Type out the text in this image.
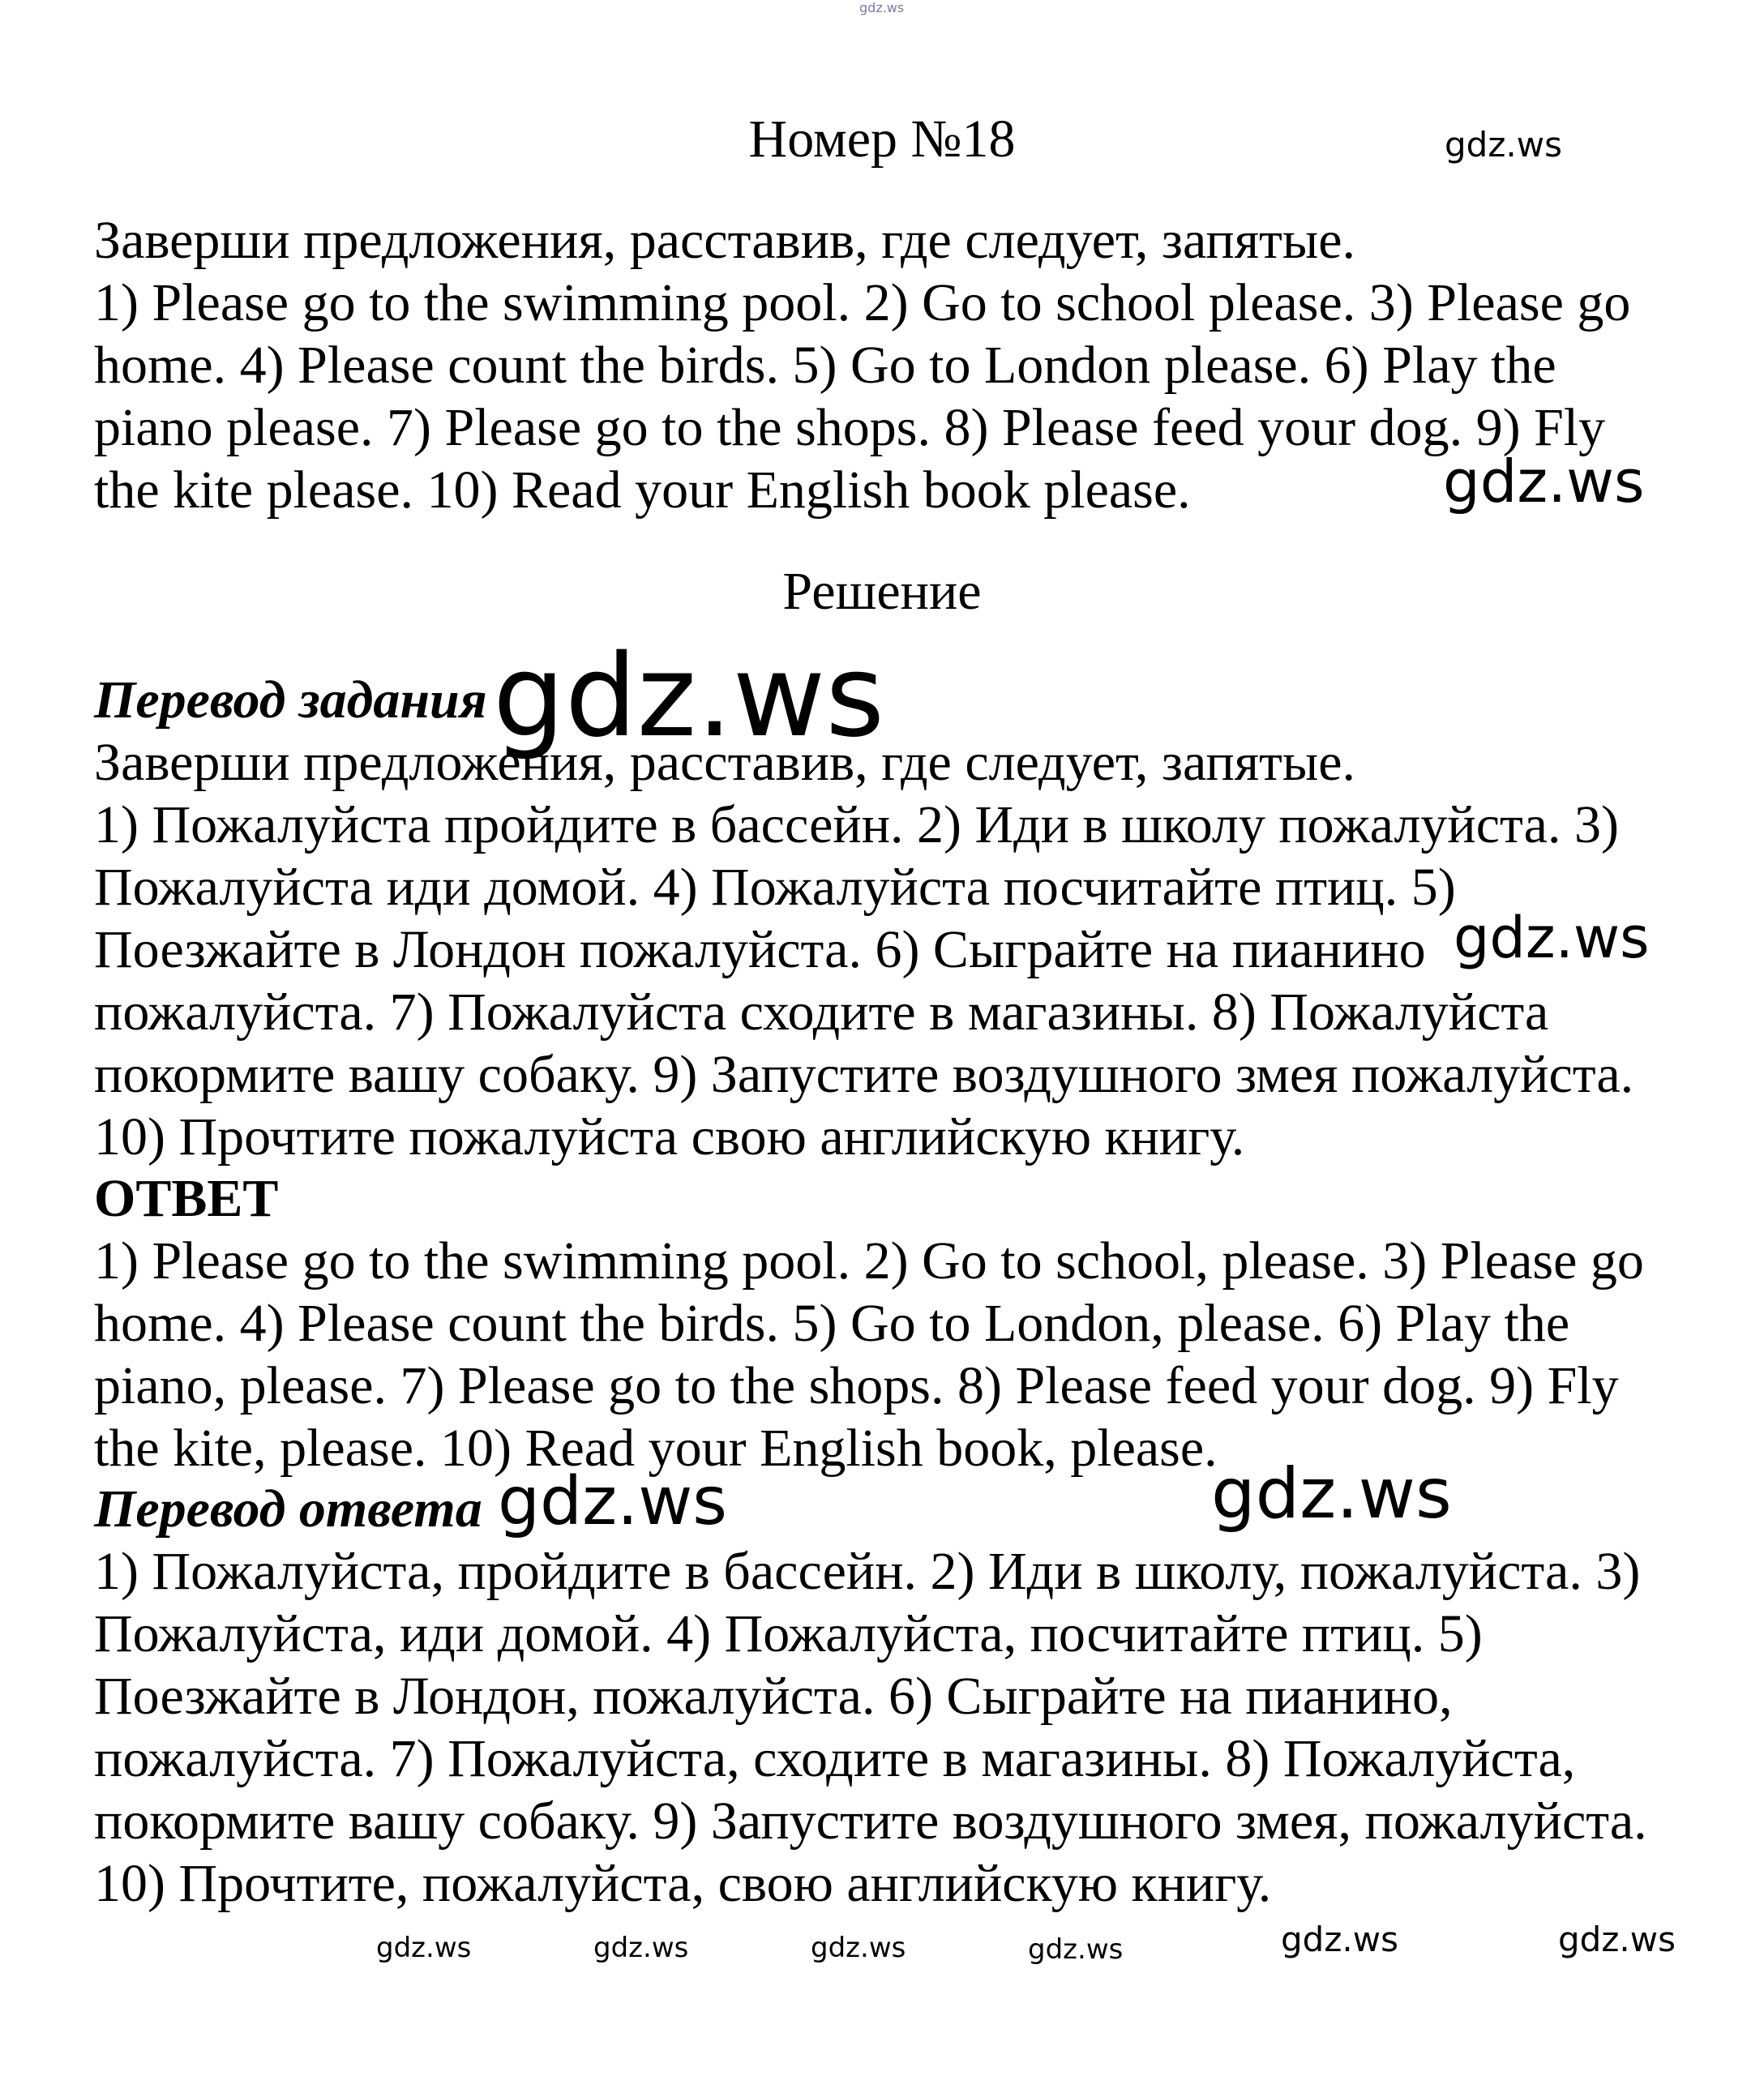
Номер №18

Заверши предложения, расставив, где следует, запятые.

1) Please go to the swimming pool. 2) Go to school please. 3) Please go home. 4) Please count the birds. 5) Go to London please. 6) Play the piano please. 7) Please go to the shops. 8) Please feed your dog. 9) Fly the kite please. 10) Read your English book please.

Решение

Перевод задания

Заверши предложения, расставив, где следует, запятые.

1) Пожалуйста пройдите в бассейн. 2) Иди в школу пожалуйста. 3) Пожалуйста иди домой. 4) Пожалуйста посчитайте птиц. 5) Поезжайте в Лондон пожалуйста. 6) Сыграйте на пианино пожалуйста. 7) Пожалуйста сходите в магазины. 8) Пожалуйста покормите вашу собаку. 9) Запустите воздушного змея пожалуйста. 10) Прочтите пожалуйста свою английскую книгу.

ОТВЕТ

1) Please go to the swimming pool. 2) Go to school, please. 3) Please go home. 4) Please count the birds. 5) Go to London, please. 6) Play the piano, please. 7) Please go to the shops. 8) Please feed your dog. 9) Fly the kite, please. 10) Read your English book, please.

Перевод ответа

1) Пожалуйста, пройдите в бассейн. 2) Иди в школу, пожалуйста. 3) Пожалуйста, иди домой. 4) Пожалуйста, посчитайте птиц. 5) Поезжайте в Лондон, пожалуйста. 6) Сыграйте на пианино, пожалуйста. 7) Пожалуйста, сходите в магазины. 8) Пожалуйста, покормите вашу собаку. 9) Запустите воздушного змея, пожалуйста. 10) Прочтите, пожалуйста, свою английскую книгу.

gdz.ws
gdz.ws
gdz.ws
gdz.ws
gdz.ws
gdz.ws	gdz.ws
gdz.ws	gdz.ws	gdz.ws	gdz.ws	gdz.ws	gdz.ws
